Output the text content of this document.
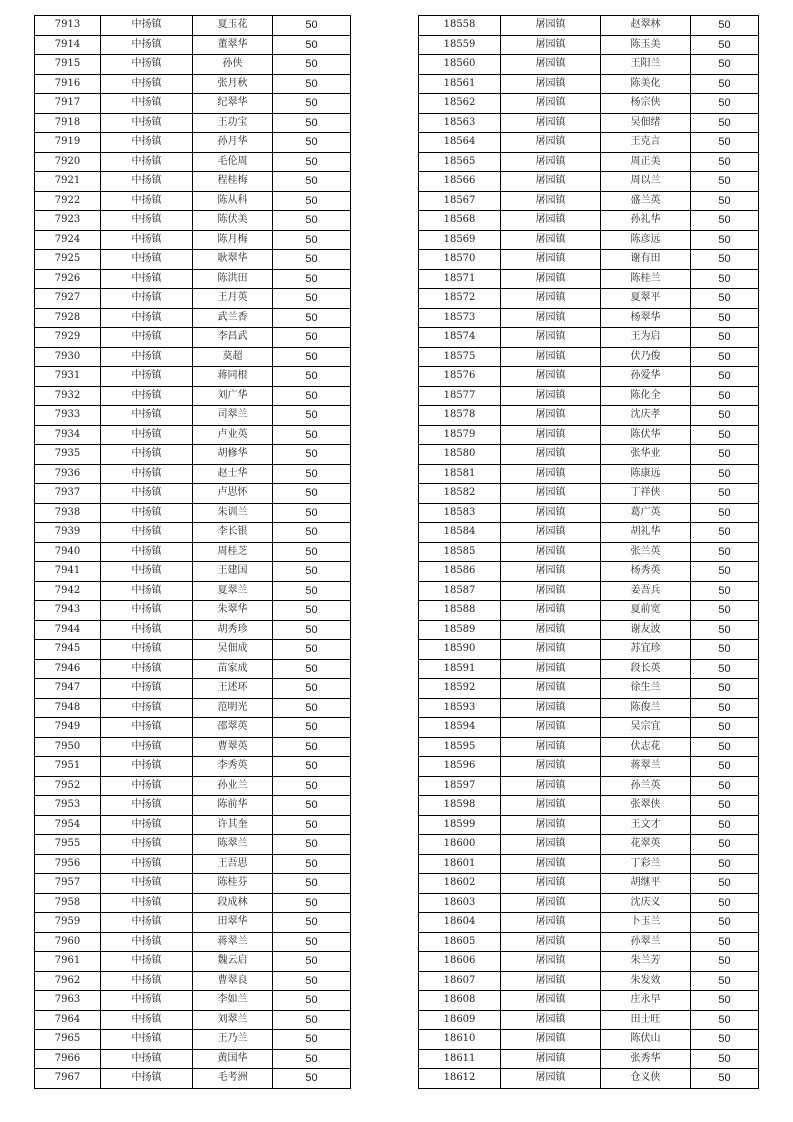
7913	中扬镇	夏玉花	50
7914	中扬镇	董翠华	50
7915	中扬镇	孙侠	50
7916	中扬镇	张月秋	50
7917	中扬镇	纪翠华	50
7918	中扬镇	王功宝	50
7919	中扬镇	孙月华	50
7920	中扬镇	毛伦周	50
7921	中扬镇	程桂梅	50
7922	中扬镇	陈从科	50
7923	中扬镇	陈伏美	50
7924	中扬镇	陈月梅	50
7925	中扬镇	耿翠华	50
7926	中扬镇	陈洪田	50
7927	中扬镇	王月英	50
7928	中扬镇	武兰香	50
7929	中扬镇	李昌武	50
7930	中扬镇	莫超	50
7931	中扬镇	蒋同根	50
7932	中扬镇	刘广华	50
7933	中扬镇	司翠兰	50
7934	中扬镇	卢业英	50
7935	中扬镇	胡修华	50
7936	中扬镇	赵士华	50
7937	中扬镇	卢思怀	50
7938	中扬镇	朱训兰	50
7939	中扬镇	李长银	50
7940	中扬镇	周桂芝	50
7941	中扬镇	王建国	50
7942	中扬镇	夏翠兰	50
7943	中扬镇	朱翠华	50
7944	中扬镇	胡秀珍	50
7945	中扬镇	吴佃成	50
7946	中扬镇	苗家成	50
7947	中扬镇	王述环	50
7948	中扬镇	范明光	50
7949	中扬镇	邵翠英	50
7950	中扬镇	曹翠英	50
7951	中扬镇	李秀英	50
7952	中扬镇	孙业兰	50
7953	中扬镇	陈前华	50
7954	中扬镇	许其奎	50
7955	中扬镇	陈翠兰	50
7956	中扬镇	王吾思	50
7957	中扬镇	陈桂芬	50
7958	中扬镇	段成林	50
7959	中扬镇	田翠华	50
7960	中扬镇	蒋翠兰	50
7961	中扬镇	魏云启	50
7962	中扬镇	曹翠良	50
7963	中扬镇	李如兰	50
7964	中扬镇	刘翠兰	50
7965	中扬镇	王乃兰	50
7966	中扬镇	黄国华	50
7967	中扬镇	毛考洲	50
18558	屠园镇	赵翠林	50
18559	屠园镇	陈玉美	50
18560	屠园镇	王阳兰	50
18561	屠园镇	陈美化	50
18562	屠园镇	杨宗侠	50
18563	屠园镇	吴佃绪	50
18564	屠园镇	王克言	50
18565	屠园镇	周正美	50
18566	屠园镇	周以兰	50
18567	屠园镇	盛兰英	50
18568	屠园镇	孙礼华	50
18569	屠园镇	陈彦远	50
18570	屠园镇	谢有田	50
18571	屠园镇	陈桂兰	50
18572	屠园镇	夏翠平	50
18573	屠园镇	杨翠华	50
18574	屠园镇	王为启	50
18575	屠园镇	伏乃俊	50
18576	屠园镇	孙爱华	50
18577	屠园镇	陈化全	50
18578	屠园镇	沈庆孝	50
18579	屠园镇	陈伏华	50
18580	屠园镇	张华业	50
18581	屠园镇	陈康远	50
18582	屠园镇	丁祥侠	50
18583	屠园镇	葛广英	50
18584	屠园镇	胡礼华	50
18585	屠园镇	张兰英	50
18586	屠园镇	杨秀英	50
18587	屠园镇	姜吾兵	50
18588	屠园镇	夏前宽	50
18589	屠园镇	谢友波	50
18590	屠园镇	苏宜珍	50
18591	屠园镇	段长英	50
18592	屠园镇	徐生兰	50
18593	屠园镇	陈俊兰	50
18594	屠园镇	吴宗宜	50
18595	屠园镇	伏志花	50
18596	屠园镇	蒋翠兰	50
18597	屠园镇	孙兰英	50
18598	屠园镇	张翠侠	50
18599	屠园镇	王文才	50
18600	屠园镇	花翠英	50
18601	屠园镇	丁彩兰	50
18602	屠园镇	胡继平	50
18603	屠园镇	沈庆义	50
18604	屠园镇	卜玉兰	50
18605	屠园镇	孙翠兰	50
18606	屠园镇	朱兰芳	50
18607	屠园镇	朱发效	50
18608	屠园镇	庄永早	50
18609	屠园镇	田士旺	50
18610	屠园镇	陈伏山	50
18611	屠园镇	张秀华	50
18612	屠园镇	仓义侠	50
